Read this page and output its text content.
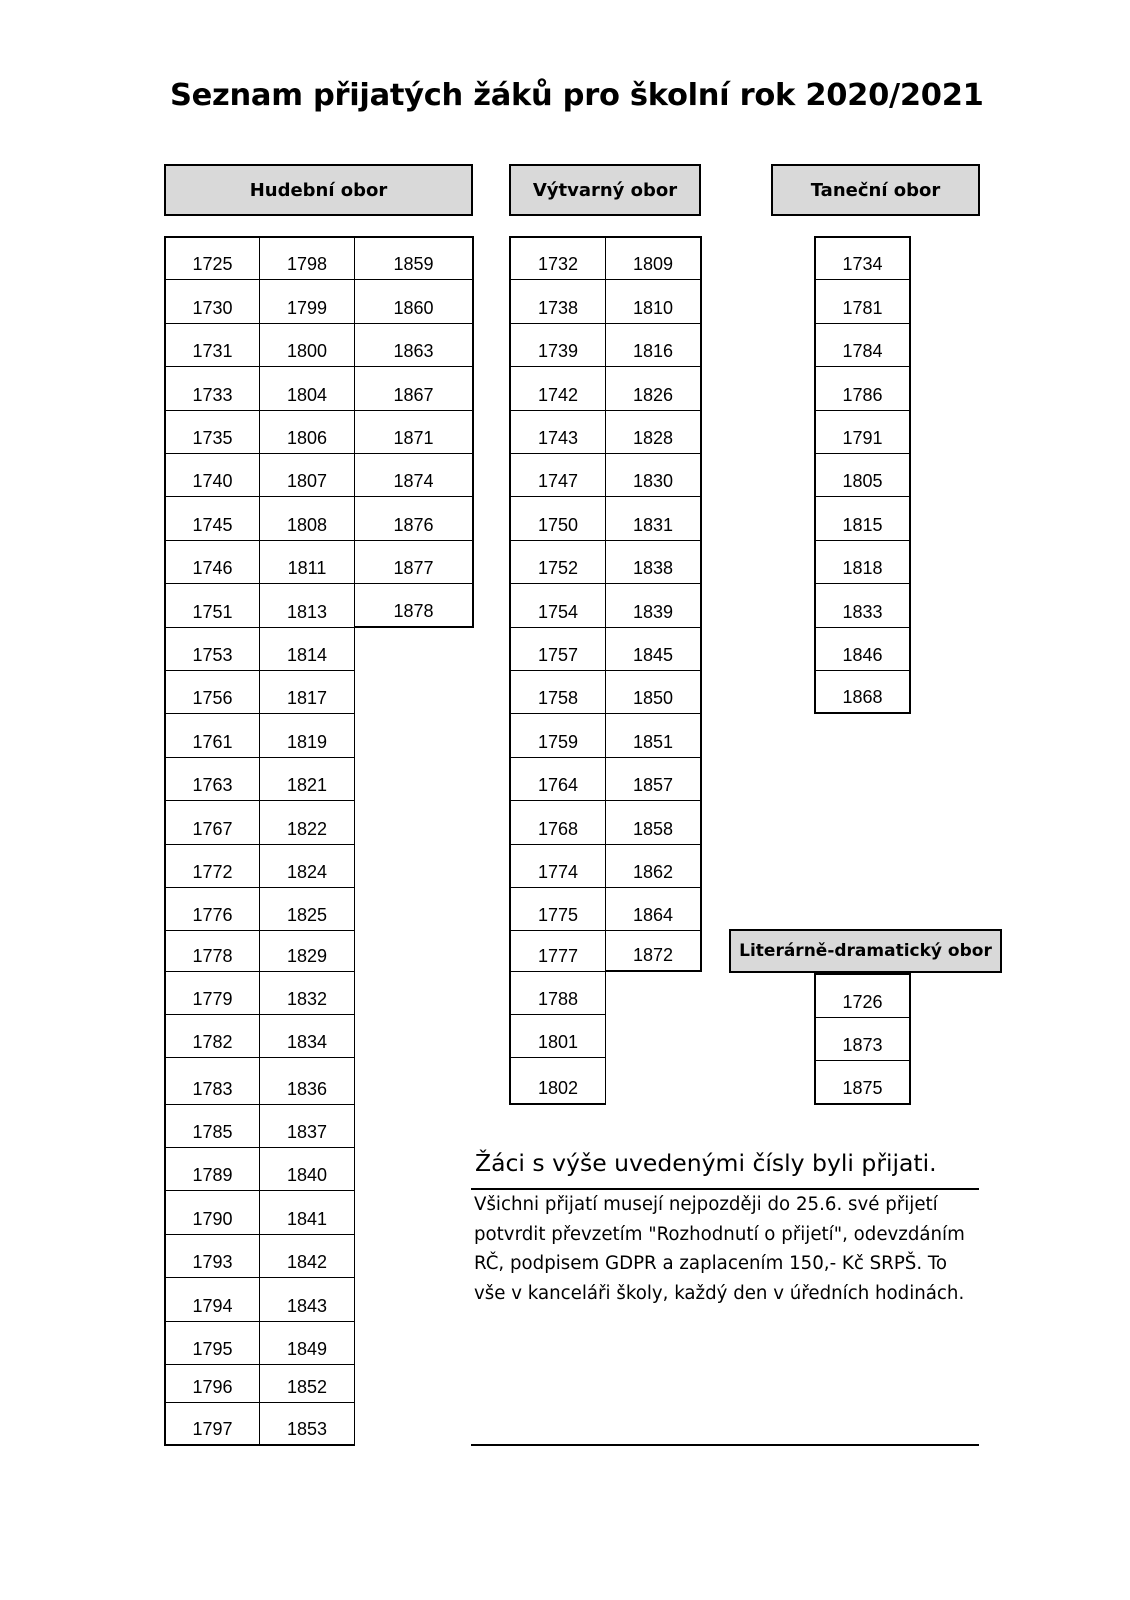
Seznam přijatých žáků pro školní rok 2020/2021
Hudební obor	Výtvarný obor	Taneční obor
Literárně-dramatický obor
1725
1730
1731
1733
1735
1740
1745
1746
1751
1753
1756
1761
1763
1767
1772
1776
1778
1779
1782
1783
1785
1789
1790
1793
1794
1795
1796
1797
1798
1799
1800
1804
1806
1807
1808
1811
1813
1814
1817
1819
1821
1822
1824
1825
1829
1832
1834
1836
1837
1840
1841
1842
1843
1849
1852
1853
1859
1860
1863
1867
1871
1874
1876
1877
1878
1732
1738
1739
1742
1743
1747
1750
1752
1754
1757
1758
1759
1764
1768
1774
1775
1777
1788
1801
1802
1809
1810
1816
1826
1828
1830
1831
1838
1839
1845
1850
1851
1857
1858
1862
1864
1872
1734
1781
1784
1786
1791
1805
1815
1818
1833
1846
1868
1726
1873
1875
Žáci s výše uvedenými čísly byli přijati.
Všichni přijatí musejí nejpozději do 25.6. své přijetí
potvrdit převzetím "Rozhodnutí o přijetí", odevzdáním
RČ, podpisem GDPR a zaplacením 150,- Kč SRPŠ. To
vše v kanceláři školy, každý den v úředních hodinách.
